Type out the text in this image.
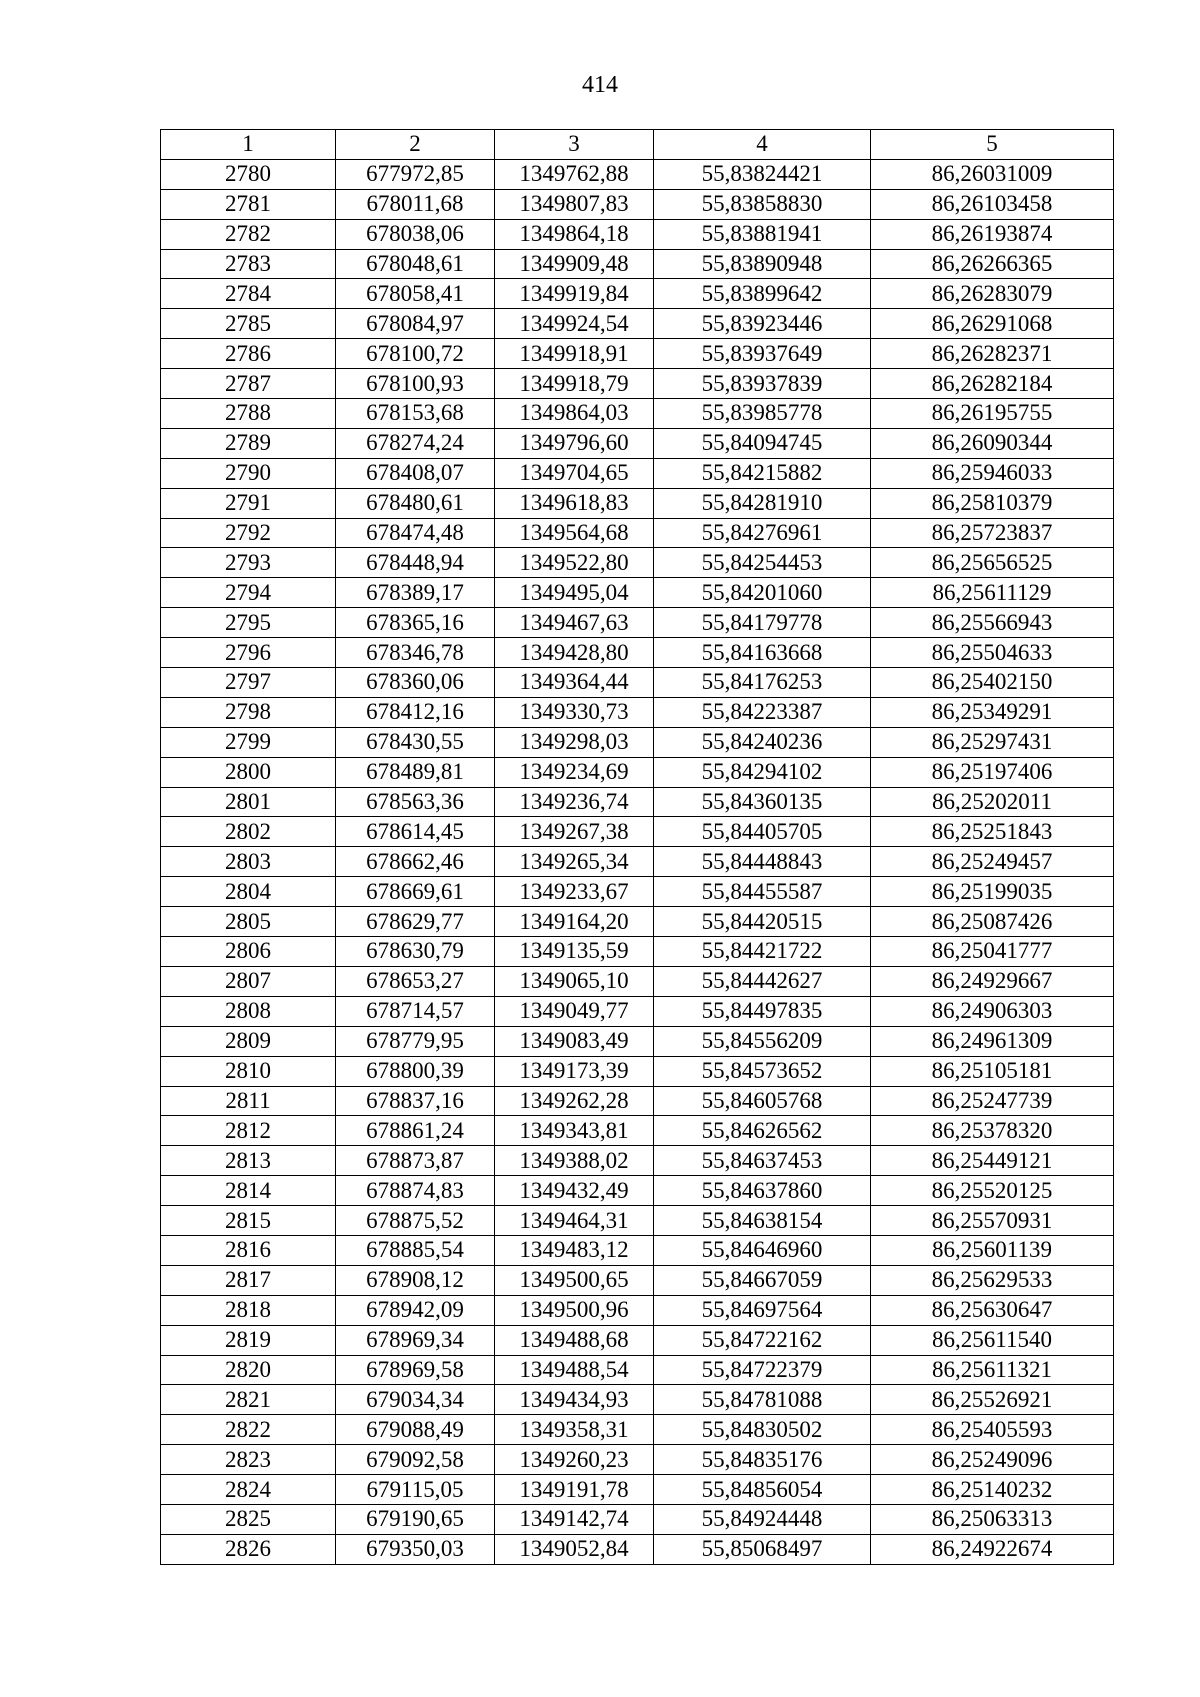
414
1	2	3	4	5
2780	677972,85	1349762,88	55,83824421	86,26031009
2781	678011,68	1349807,83	55,83858830	86,26103458
2782	678038,06	1349864,18	55,83881941	86,26193874
2783	678048,61	1349909,48	55,83890948	86,26266365
2784	678058,41	1349919,84	55,83899642	86,26283079
2785	678084,97	1349924,54	55,83923446	86,26291068
2786	678100,72	1349918,91	55,83937649	86,26282371
2787	678100,93	1349918,79	55,83937839	86,26282184
2788	678153,68	1349864,03	55,83985778	86,26195755
2789	678274,24	1349796,60	55,84094745	86,26090344
2790	678408,07	1349704,65	55,84215882	86,25946033
2791	678480,61	1349618,83	55,84281910	86,25810379
2792	678474,48	1349564,68	55,84276961	86,25723837
2793	678448,94	1349522,80	55,84254453	86,25656525
2794	678389,17	1349495,04	55,84201060	86,25611129
2795	678365,16	1349467,63	55,84179778	86,25566943
2796	678346,78	1349428,80	55,84163668	86,25504633
2797	678360,06	1349364,44	55,84176253	86,25402150
2798	678412,16	1349330,73	55,84223387	86,25349291
2799	678430,55	1349298,03	55,84240236	86,25297431
2800	678489,81	1349234,69	55,84294102	86,25197406
2801	678563,36	1349236,74	55,84360135	86,25202011
2802	678614,45	1349267,38	55,84405705	86,25251843
2803	678662,46	1349265,34	55,84448843	86,25249457
2804	678669,61	1349233,67	55,84455587	86,25199035
2805	678629,77	1349164,20	55,84420515	86,25087426
2806	678630,79	1349135,59	55,84421722	86,25041777
2807	678653,27	1349065,10	55,84442627	86,24929667
2808	678714,57	1349049,77	55,84497835	86,24906303
2809	678779,95	1349083,49	55,84556209	86,24961309
2810	678800,39	1349173,39	55,84573652	86,25105181
2811	678837,16	1349262,28	55,84605768	86,25247739
2812	678861,24	1349343,81	55,84626562	86,25378320
2813	678873,87	1349388,02	55,84637453	86,25449121
2814	678874,83	1349432,49	55,84637860	86,25520125
2815	678875,52	1349464,31	55,84638154	86,25570931
2816	678885,54	1349483,12	55,84646960	86,25601139
2817	678908,12	1349500,65	55,84667059	86,25629533
2818	678942,09	1349500,96	55,84697564	86,25630647
2819	678969,34	1349488,68	55,84722162	86,25611540
2820	678969,58	1349488,54	55,84722379	86,25611321
2821	679034,34	1349434,93	55,84781088	86,25526921
2822	679088,49	1349358,31	55,84830502	86,25405593
2823	679092,58	1349260,23	55,84835176	86,25249096
2824	679115,05	1349191,78	55,84856054	86,25140232
2825	679190,65	1349142,74	55,84924448	86,25063313
2826	679350,03	1349052,84	55,85068497	86,24922674
